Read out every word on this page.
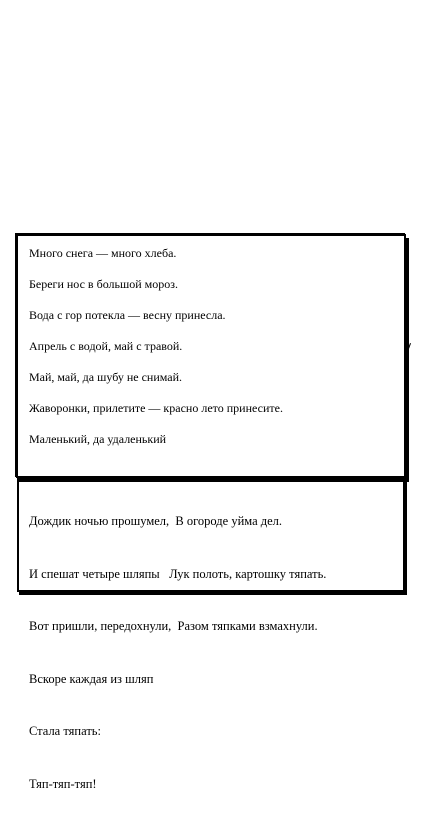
Дождик ночью прошумел,  В огороде уйма дел.

И спешат четыре шляпы   Лук полоть, картошку тяпать.

Вот пришли, передохнули,  Разом тяпками взмахнули.

Вскоре каждая из шляп

Стала тяпать:

Тяп-тяп-тяп!

Много снега — много хлеба.
Береги нос в большой мороз.
Вода с гор потекла — весну принесла.
Апрель с водой, май с травой.
Май, май, да шубу не снимай.
Жаворонки, прилетите — красно лето принесите.
Маленький, да удаленький
